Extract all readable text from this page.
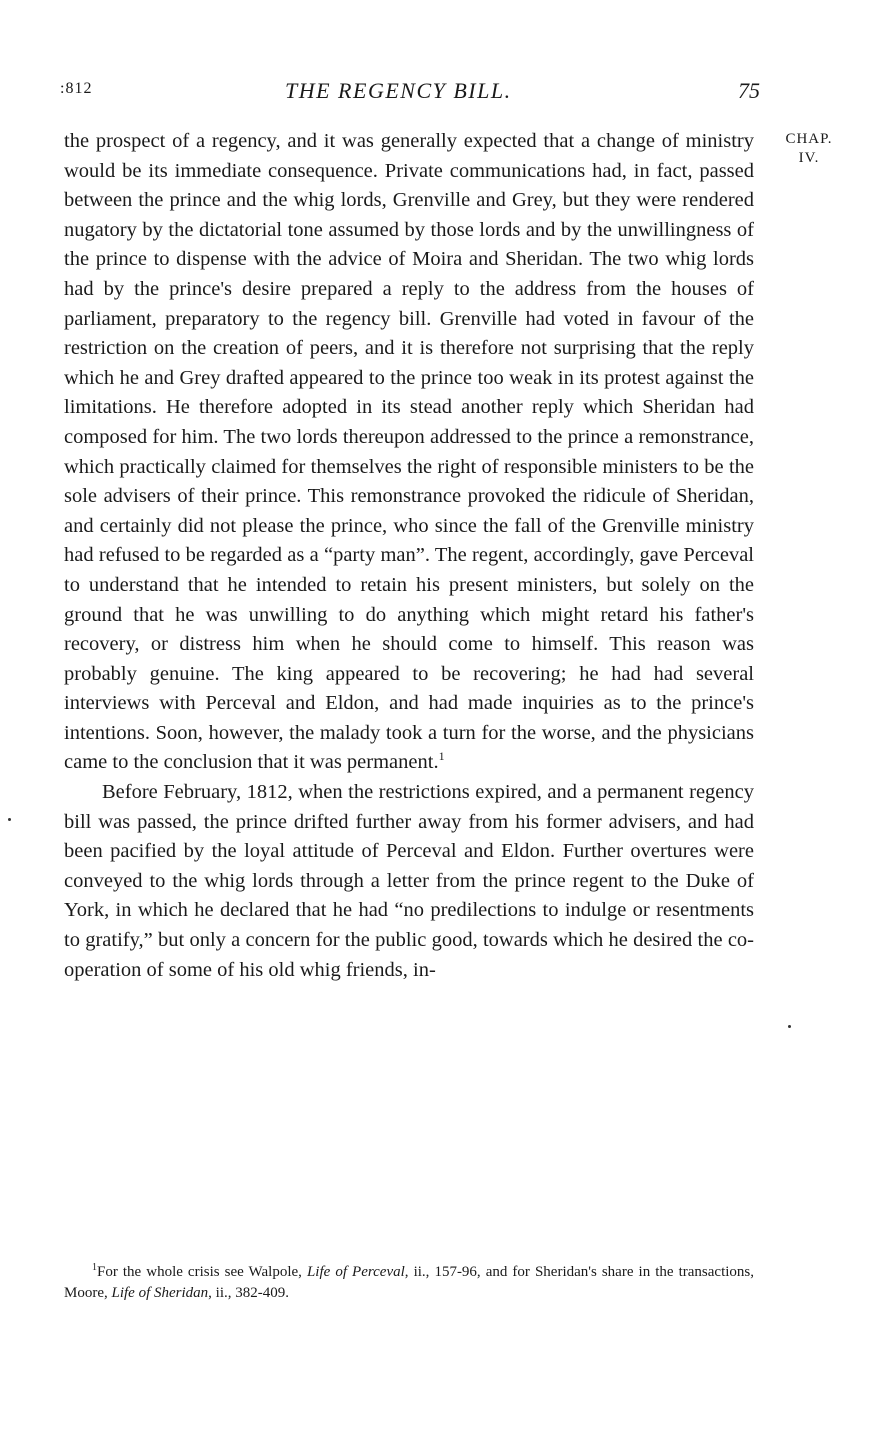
:812	THE REGENCY BILL.	75
CHAP.
IV.

the prospect of a regency, and it was generally expected that a change of ministry would be its immediate consequence. Private communications had, in fact, passed between the prince and the whig lords, Grenville and Grey, but they were rendered nugatory by the dictatorial tone assumed by those lords and by the unwillingness of the prince to dispense with the advice of Moira and Sheridan. The two whig lords had by the prince's desire prepared a reply to the address from the houses of parliament, preparatory to the regency bill. Grenville had voted in favour of the restriction on the creation of peers, and it is therefore not surprising that the reply which he and Grey drafted appeared to the prince too weak in its protest against the limitations. He therefore adopted in its stead another reply which Sheridan had composed for him. The two lords thereupon addressed to the prince a remonstrance, which practically claimed for themselves the right of responsible ministers to be the sole advisers of their prince. This remonstrance provoked the ridicule of Sheridan, and certainly did not please the prince, who since the fall of the Grenville ministry had refused to be regarded as a “party man”. The regent, accordingly, gave Perceval to understand that he intended to retain his present ministers, but solely on the ground that he was unwilling to do anything which might retard his father's recovery, or distress him when he should come to himself. This reason was probably genuine. The king appeared to be recovering; he had had several interviews with Perceval and Eldon, and had made inquiries as to the prince's intentions. Soon, however, the malady took a turn for the worse, and the physicians came to the conclusion that it was permanent.$^1$

Before February, 1812, when the restrictions expired, and a permanent regency bill was passed, the prince drifted further away from his former advisers, and had been pacified by the loyal attitude of Perceval and Eldon. Further overtures were conveyed to the whig lords through a letter from the prince regent to the Duke of York, in which he declared that he had “no predilections to indulge or resentments to gratify,” but only a concern for the public good, towards which he desired the co-operation of some of his old whig friends, in-

$^1$For the whole crisis see Walpole, Life of Perceval, ii., 157-96, and for Sheridan's share in the transactions, Moore, Life of Sheridan, ii., 382-409.
